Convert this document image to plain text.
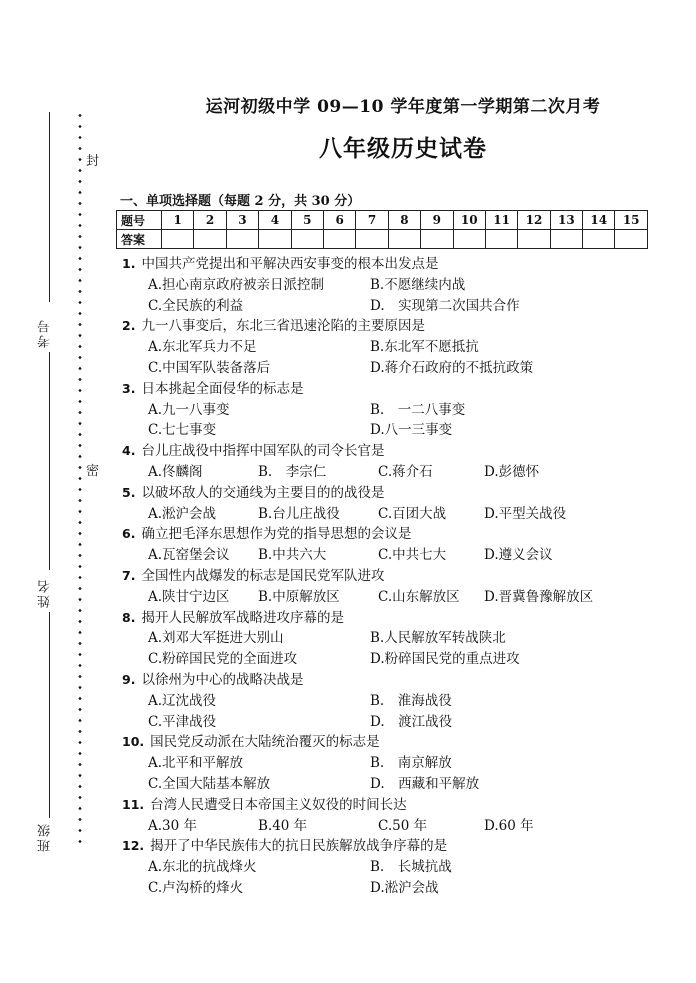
考号
姓名
班级
封
密
运河初级中学 09—10 学年度第一学期第二次月考
八年级历史试卷
一、单项选择题（每题 2 分，共 30 分）
题号	1	2	3	4	5	6	7	8	9	10	11	12	13	14	15
答案															
1. 中国共产党提出和平解决西安事变的根本出发点是
A.担心南京政府被亲日派控制	B.不愿继续内战
C.全民族的利益	D.　实现第二次国共合作
2. 九一八事变后，东北三省迅速沦陷的主要原因是
A.东北军兵力不足	B.东北军不愿抵抗
C.中国军队装备落后	D.蒋介石政府的不抵抗政策
3. 日本挑起全面侵华的标志是
A.九一八事变	B.　一二八事变
C.七七事变	D.八一三事变
4. 台儿庄战役中指挥中国军队的司令长官是
A.佟麟阁	B.　李宗仁	C.蒋介石	D.彭德怀
5. 以破坏敌人的交通线为主要目的的战役是
A.淞沪会战	B.台儿庄战役	C.百团大战	D.平型关战役
6. 确立把毛泽东思想作为党的指导思想的会议是
A.瓦窑堡会议 B.中共六大	C.中共七大	D.遵义会议
7. 全国性内战爆发的标志是国民党军队进攻
A.陕甘宁边区 B.中原解放区	C.山东解放区 D.晋冀鲁豫解放区
8. 揭开人民解放军战略进攻序幕的是
A.刘邓大军挺进大别山	B.人民解放军转战陕北
C.粉碎国民党的全面进攻	D.粉碎国民党的重点进攻
9. 以徐州为中心的战略决战是
A.辽沈战役	B.　淮海战役
C.平津战役	D.　渡江战役
10. 国民党反动派在大陆统治覆灭的标志是
A.北平和平解放	B.　南京解放
C.全国大陆基本解放	D.　西藏和平解放
11. 台湾人民遭受日本帝国主义奴役的时间长达
A.30 年	B.40 年	C.50 年	D.60 年
12. 揭开了中华民族伟大的抗日民族解放战争序幕的是
A.东北的抗战烽火	B.　长城抗战
C.卢沟桥的烽火	D.淞沪会战
